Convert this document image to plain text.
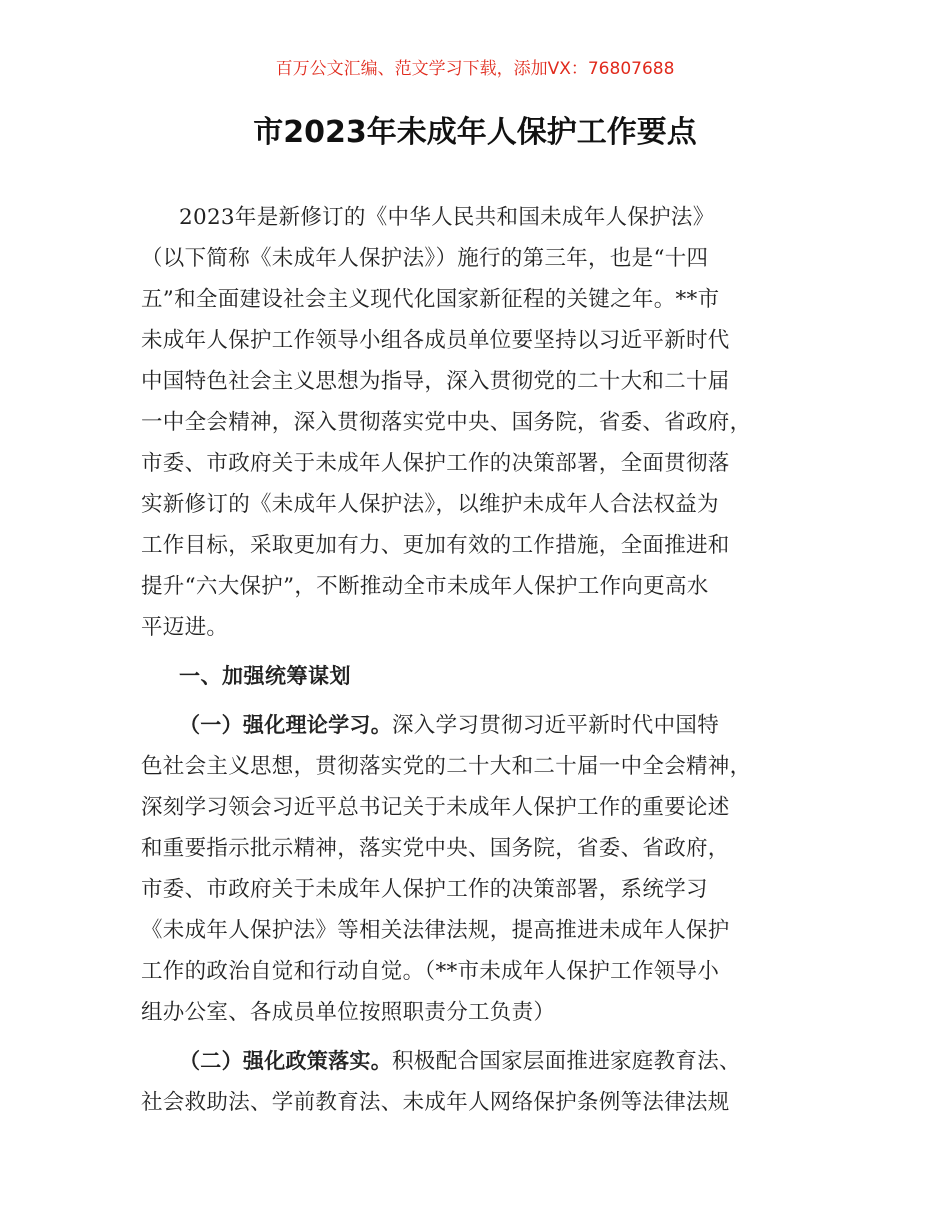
百万公文汇编、范文学习下载，添加VX：76807688
市2023年未成年人保护工作要点
2023年是新修订的《中华人民共和国未成年人保护法》
（以下简称《未成年人保护法》）施行的第三年，也是“十四
五”和全面建设社会主义现代化国家新征程的关键之年。**市
未成年人保护工作领导小组各成员单位要坚持以习近平新时代
中国特色社会主义思想为指导，深入贯彻党的二十大和二十届
一中全会精神，深入贯彻落实党中央、国务院，省委、省政府，
市委、市政府关于未成年人保护工作的决策部署，全面贯彻落
实新修订的《未成年人保护法》，以维护未成年人合法权益为
工作目标，采取更加有力、更加有效的工作措施，全面推进和
提升“六大保护”，不断推动全市未成年人保护工作向更高水
平迈进。
一、加强统筹谋划
（一）强化理论学习。深入学习贯彻习近平新时代中国特
色社会主义思想，贯彻落实党的二十大和二十届一中全会精神，
深刻学习领会习近平总书记关于未成年人保护工作的重要论述
和重要指示批示精神，落实党中央、国务院，省委、省政府，
市委、市政府关于未成年人保护工作的决策部署，系统学习
《未成年人保护法》等相关法律法规，提高推进未成年人保护
工作的政治自觉和行动自觉。（**市未成年人保护工作领导小
组办公室、各成员单位按照职责分工负责）
（二）强化政策落实。积极配合国家层面推进家庭教育法、
社会救助法、学前教育法、未成年人网络保护条例等法律法规
